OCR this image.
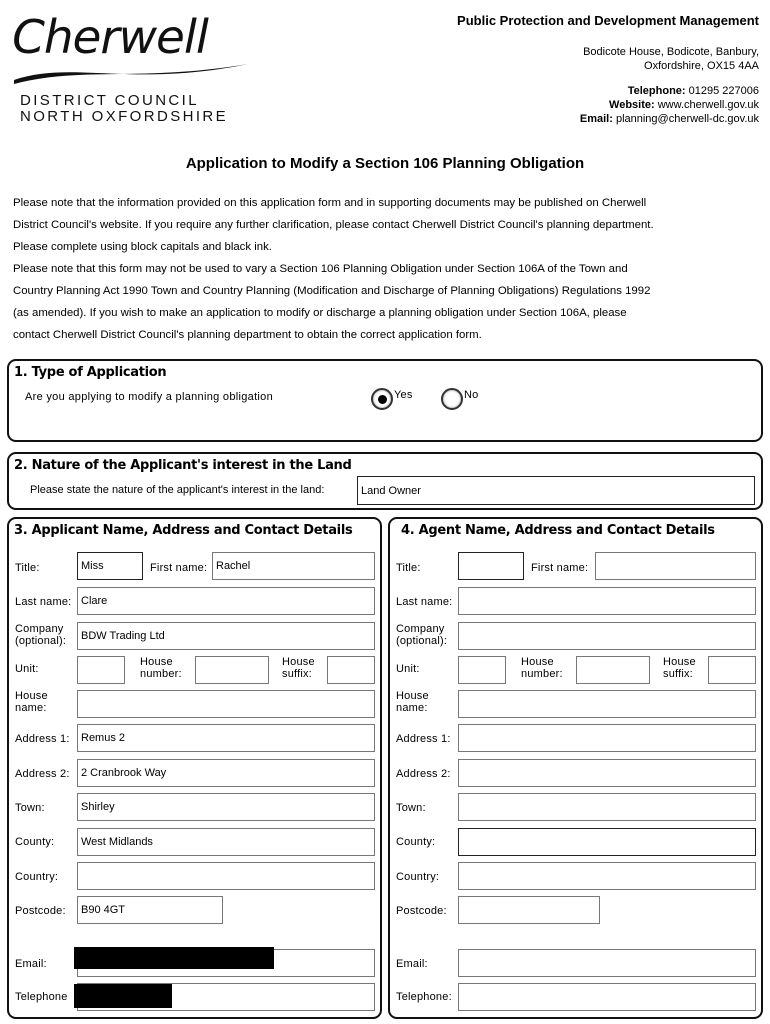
Cherwell
DISTRICT COUNCIL
NORTH OXFORDSHIRE
Public Protection and Development Management
Bodicote House, Bodicote, Banbury,
Oxfordshire, OX15 4AA
Telephone: 01295 227006
Website: www.cherwell.gov.uk
Email: planning@cherwell-dc.gov.uk
Application to Modify a Section 106 Planning Obligation

Please note that the information provided on this application form and in supporting documents may be published on Cherwell

District Council's website. If you require any further clarification, please contact Cherwell District Council's planning department.

Please complete using block capitals and black ink.

Please note that this form may not be used to vary a Section 106 Planning Obligation under Section 106A of the Town and

Country Planning Act 1990 Town and Country Planning (Modification and Discharge of Planning Obligations) Regulations 1992

(as amended). If you wish to make an application to modify or discharge a planning obligation under Section 106A, please

contact Cherwell District Council's planning department to obtain the correct application form.

1. Type of Application
Are you applying to modify a planning obligation	Yes	No
2. Nature of the Applicant's interest in the Land
Please state the nature of the applicant's interest in the land:	Land Owner
3. Applicant Name, Address and Contact Details
Title:	Miss	First name: Rachel
Last name: Clare
Company
(optional):	BDW Trading Ltd
Unit:
House
number:
House
suffix:
House
name:
Address 1:	Remus 2
Address 2:	2 Cranbrook Way
Town:	Shirley
County:	West Midlands
Country:
Postcode:	B90 4GT
Email:
Telephone
4. Agent Name, Address and Contact Details
Title:	First name:
Last name:
Company
(optional):
Unit:
House
number:
House
suffix:
House
name:
Address 1:
Address 2:
Town:
County:
Country:
Postcode:
Email:
Telephone:
